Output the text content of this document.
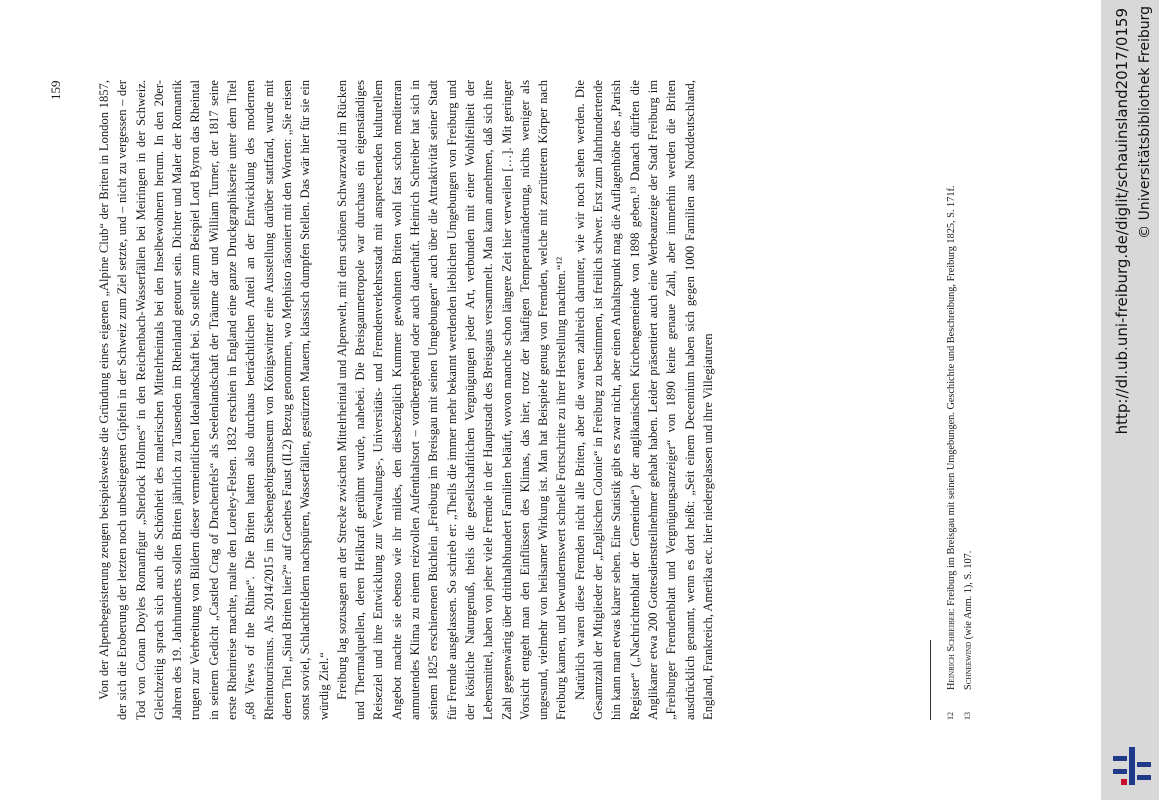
159	Von der Alpenbegeisterung zeugen beispielsweise die Gründung eines eigenen „Alpine Club“ der Briten in London 1857, der sich die Eroberung der letzten noch unbestiegenen Gipfeln in der Schweiz zum Ziel setzte, und – nicht zu vergessen – der Tod von Conan Doyles Romanfigur „Sherlock Holmes“ in den Reichenbach-Wasserfällen bei Meiringen in der Schweiz. Gleichzeitig sprach sich auch die Schönheit des malerischen Mittelrheintals bei den Inselbewohnern herum. In den 20er-Jahren des 19. Jahrhunderts sollen Briten jährlich zu Tausenden im Rheinland getourt sein. Dichter und Maler der Romantik trugen zur Verbreitung von Bildern dieser vermeintlichen Idealandschaft bei. So stellte zum Beispiel Lord Byron das Rheintal in seinem Gedicht „Castled Crag of Drachenfels“ als Seelenlandschaft der Träume dar und William Turner, der 1817 seine erste Rheinreise machte, malte den Loreley-Felsen. 1832 erschien in England eine ganze Druckgraphikserie unter dem Titel „68 Views of the Rhine“. Die Briten hatten also durchaus beträchtlichen Anteil an der Entwicklung des modernen Rheintourismus. Als 2014/2015 im Siebengebirgsmuseum von Königswinter eine Ausstellung darüber stattfand, wurde mit deren Titel „Sind Briten hier?“ auf Goethes Faust (II.2) Bezug genommen, wo Mephisto räsoniert mit den Worten: „Sie reisen sonst soviel, Schlachtfeldern nachspüren, Wasserfällen, gestürzten Mauern, klassisch dumpfen Stellen. Das wär hier für sie ein würdig Ziel.“ Freiburg lag sozusagen an der Strecke zwischen Mittelrheintal und Alpenwelt, mit dem schönen Schwarzwald im Rücken und Thermalquellen, deren Heilkraft gerühmt wurde, nahebei. Die Breisgaumetropole war durchaus ein eigenständiges Reiseziel und ihre Entwicklung zur Verwaltungs-, Universitäts- und Fremdenverkehrsstadt mit ansprechenden kulturellem Angebot machte sie ebenso wie ihr mildes, den diesbezüglich Kummer gewohnten Briten wohl fast schon mediterran anmutendes Klima zu einem reizvollen Aufenthaltsort – vorübergehend oder auch dauerhaft. Heinrich Schreiber hat sich in seinem 1825 erschienenen Büchlein „Freiburg im Breisgau mit seinen Umgebungen“ auch über die Attraktivität seiner Stadt für Fremde ausgelassen. So schrieb er: „Theils die immer mehr bekannt werdenden lieblichen Umgebungen von Freiburg und der köstliche Naturgenuß, theils die gesellschaftlichen Vergnügungen jeder Art, verbunden mit einer Wohlfeilheit der Lebensmittel, haben von jeher viele Fremde in der Hauptstadt des Breisgaus versammelt. Man kann annehmen, daß sich ihre Zahl gegenwärtig über dritthalbhundert Familien beläuft, wovon manche schon längere Zeit hier verweilen […]. Mit geringer Vorsicht entgeht man den Einflüssen des Klimas, das hier, trotz der häufigen Temperaturänderung, nichts weniger als ungesund, vielmehr von heilsamer Wirkung ist. Man hat Beispiele genug von Fremden, welche mit zerrüttetem Körper nach Freiburg kamen, und bewundernswert schnelle Fortschritte zu ihrer Herstellung machten.“¹² Natürlich waren diese Fremden nicht alle Briten, aber die waren zahlreich darunter, wie wir noch sehen werden. Die Gesamtzahl der Mitglieder der „Englischen Colonie“ in Freiburg zu bestimmen, ist freilich schwer. Erst zum Jahrhundertende hin kann man etwas klarer sehen. Eine Statistik gibt es zwar nicht, aber einen Anhaltspunkt mag die Auflagenhöhe des „Parish Register“ („Nachrichtenblatt der Gemeinde“) der anglikanischen Kirchengemeinde von 1898 geben.¹³ Danach dürften die Anglikaner etwa 200 Gottesdienstteilnehmer gehabt haben. Leider präsentiert auch eine Werbeanzeige der Stadt Freiburg im „Freiburger Fremdenblatt und Vergnügungsanzeiger“ von 1890 keine genaue Zahl, aber immerhin werden die Briten ausdrücklich genannt, wenn es dort heißt: „Seit einem Decennium haben sich gegen 1000 Familien aus Norddeutschland, England, Frankreich, Amerika etc. hier niedergelassen und ihre Villegiaturen	12
Heinrich Schreiber: Freiburg im Breisgau mit seinen Umgebungen. Geschichte und Beschreibung, Freiburg 1825, S. 171f.
13
Schneewind (wie Anm. 1), S. 107.
http://dl.ub.uni-freiburg.de/diglit/schauinsland2017/0159 © Universitätsbibliothek Freiburg
